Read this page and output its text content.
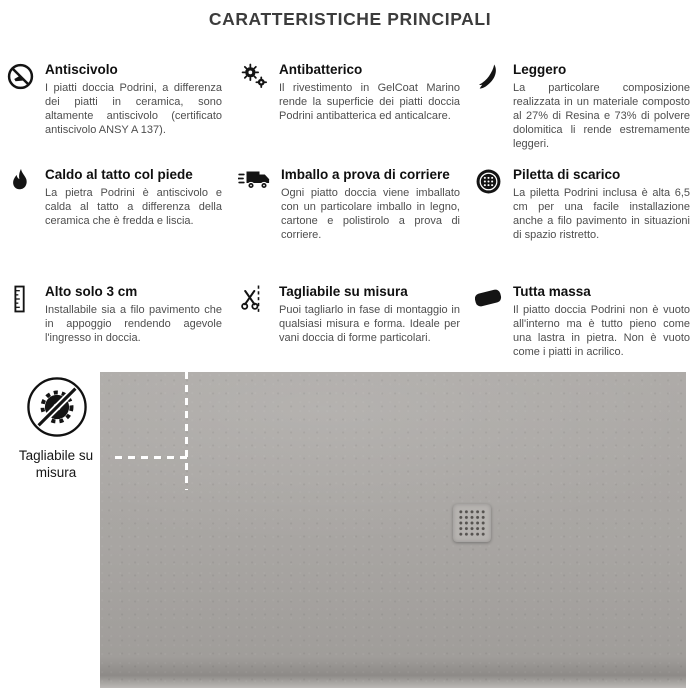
CARATTERISTICHE PRINCIPALI
Antiscivolo

I piatti doccia Podrini, a differenza dei piatti in ceramica, sono altamente antiscivolo (certificato antiscivolo ANSY A 137).

Antibatterico

Il rivestimento in GelCoat Marino rende la superficie dei piatti doccia Podrini antibatterica ed anticalcare.

Leggero

La particolare composizione realizzata in un materiale composto al 27% di Resina e 73% di polvere dolomitica li rende estremamente leggeri.

Caldo al tatto col piede

La pietra Podrini è antiscivolo e calda al tatto a differenza della ceramica che è fredda e liscia.

Imballo a prova di corriere

Ogni piatto doccia viene imballato con un particolare imballo in legno, cartone e polistirolo a prova di corriere.

Piletta di scarico

La piletta Podrini inclusa è alta 6,5 cm per una facile installazione anche a filo pavimento in situazioni di spazio ristretto.

Alto solo 3 cm

Installabile sia a filo pavimento che in appoggio rendendo agevole l'ingresso in doccia.

Tagliabile su misura

Puoi tagliarlo in fase di montaggio in qualsiasi misura e forma. Ideale per vani doccia di forme particolari.

Tutta massa

Il piatto doccia Podrini non è vuoto all'interno ma è tutto pieno come una lastra in pietra. Non è vuoto come i piatti in acrilico.

Tagliabile su misura
